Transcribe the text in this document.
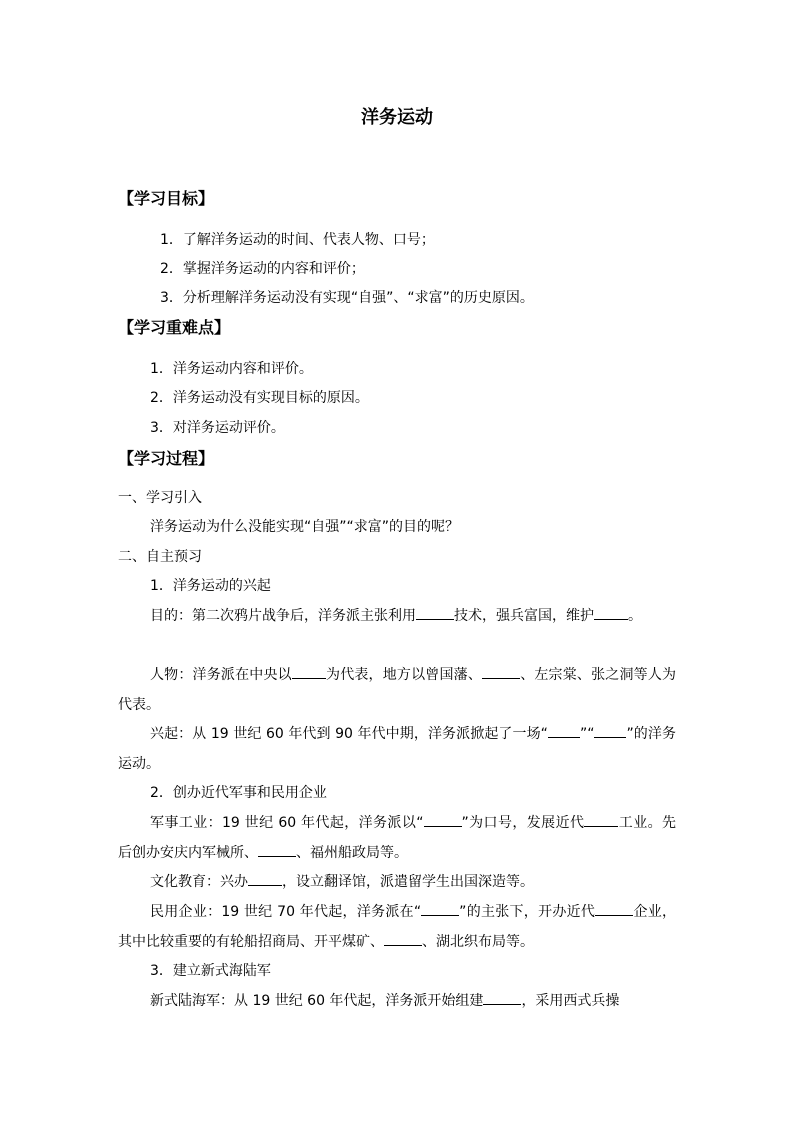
洋务运动
【学习目标】
1．了解洋务运动的时间、代表人物、口号；
2．掌握洋务运动的内容和评价；
3．分析理解洋务运动没有实现“自强”、“求富”的历史原因。
【学习重难点】
1．洋务运动内容和评价。
2．洋务运动没有实现目标的原因。
3．对洋务运动评价。
【学习过程】
一、学习引入
洋务运动为什么没能实现“自强”“求富”的目的呢？
二、自主预习
1．洋务运动的兴起
目的：第二次鸦片战争后，洋务派主张利用	技术，强兵富国，维护 。
人物：洋务派在中央以 为代表，地方以曾国藩、	、左宗棠、张之洞等人为代表。
兴起：从 19 世纪 60 年代到 90 年代中期，洋务派掀起了一场“ ”“ ”的洋务运动。
2．创办近代军事和民用企业
军事工业：19 世纪 60 年代起，洋务派以“	”为口号，发展近代 工业。先后创办安庆内军械所、	、福州船政局等。
文化教育：兴办 ，设立翻译馆，派遣留学生出国深造等。
民用企业：19 世纪 70 年代起，洋务派在“	”的主张下，开办近代	企业，其中比较重要的有轮船招商局、开平煤矿、	、湖北织布局等。
3．建立新式海陆军
新式陆海军：从 19 世纪 60 年代起，洋务派开始组建	，采用西式兵操
